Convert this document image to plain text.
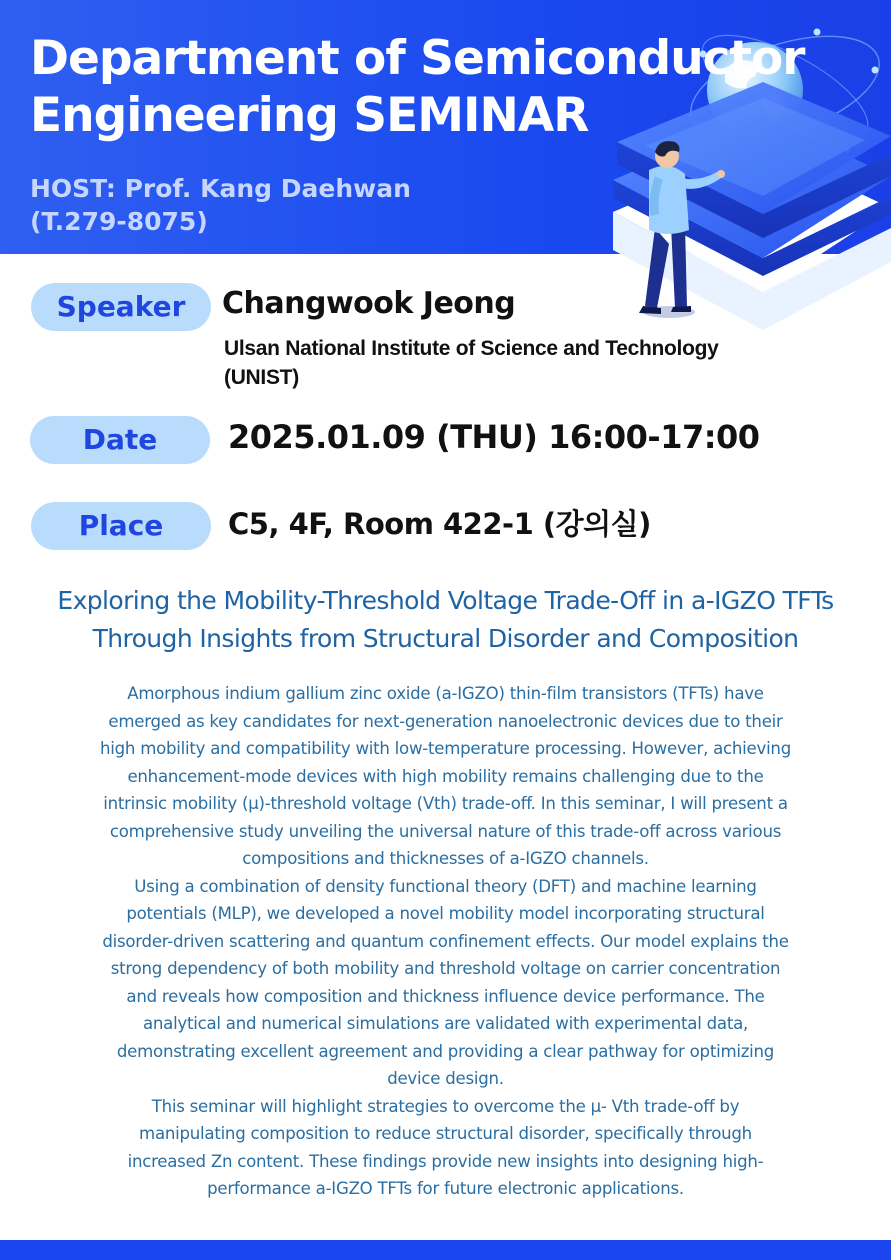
Department of Semiconductor
Engineering SEMINAR
HOST: Prof. Kang Daehwan
(T.279-8075)
Speaker	Changwook Jeong
Ulsan National Institute of Science and Technology
(UNIST)
Date	2025.01.09 (THU) 16:00-17:00
Place	C5, 4F, Room 422-1 (강의실)
Exploring the Mobility-Threshold Voltage Trade-Off in a-IGZO TFTs
Through Insights from Structural Disorder and Composition
Amorphous indium gallium zinc oxide (a-IGZO) thin-film transistors (TFTs) have
emerged as key candidates for next-generation nanoelectronic devices due to their
high mobility and compatibility with low-temperature processing. However, achieving
enhancement-mode devices with high mobility remains challenging due to the
intrinsic mobility (μ)-threshold voltage (Vth) trade-off. In this seminar, I will present a
comprehensive study unveiling the universal nature of this trade-off across various
compositions and thicknesses of a-IGZO channels.
Using a combination of density functional theory (DFT) and machine learning
potentials (MLP), we developed a novel mobility model incorporating structural
disorder-driven scattering and quantum confinement effects. Our model explains the
strong dependency of both mobility and threshold voltage on carrier concentration
and reveals how composition and thickness influence device performance. The
analytical and numerical simulations are validated with experimental data,
demonstrating excellent agreement and providing a clear pathway for optimizing
device design.
This seminar will highlight strategies to overcome the μ- Vth trade-off by
manipulating composition to reduce structural disorder, specifically through
increased Zn content. These findings provide new insights into designing high-
performance a-IGZO TFTs for future electronic applications.
